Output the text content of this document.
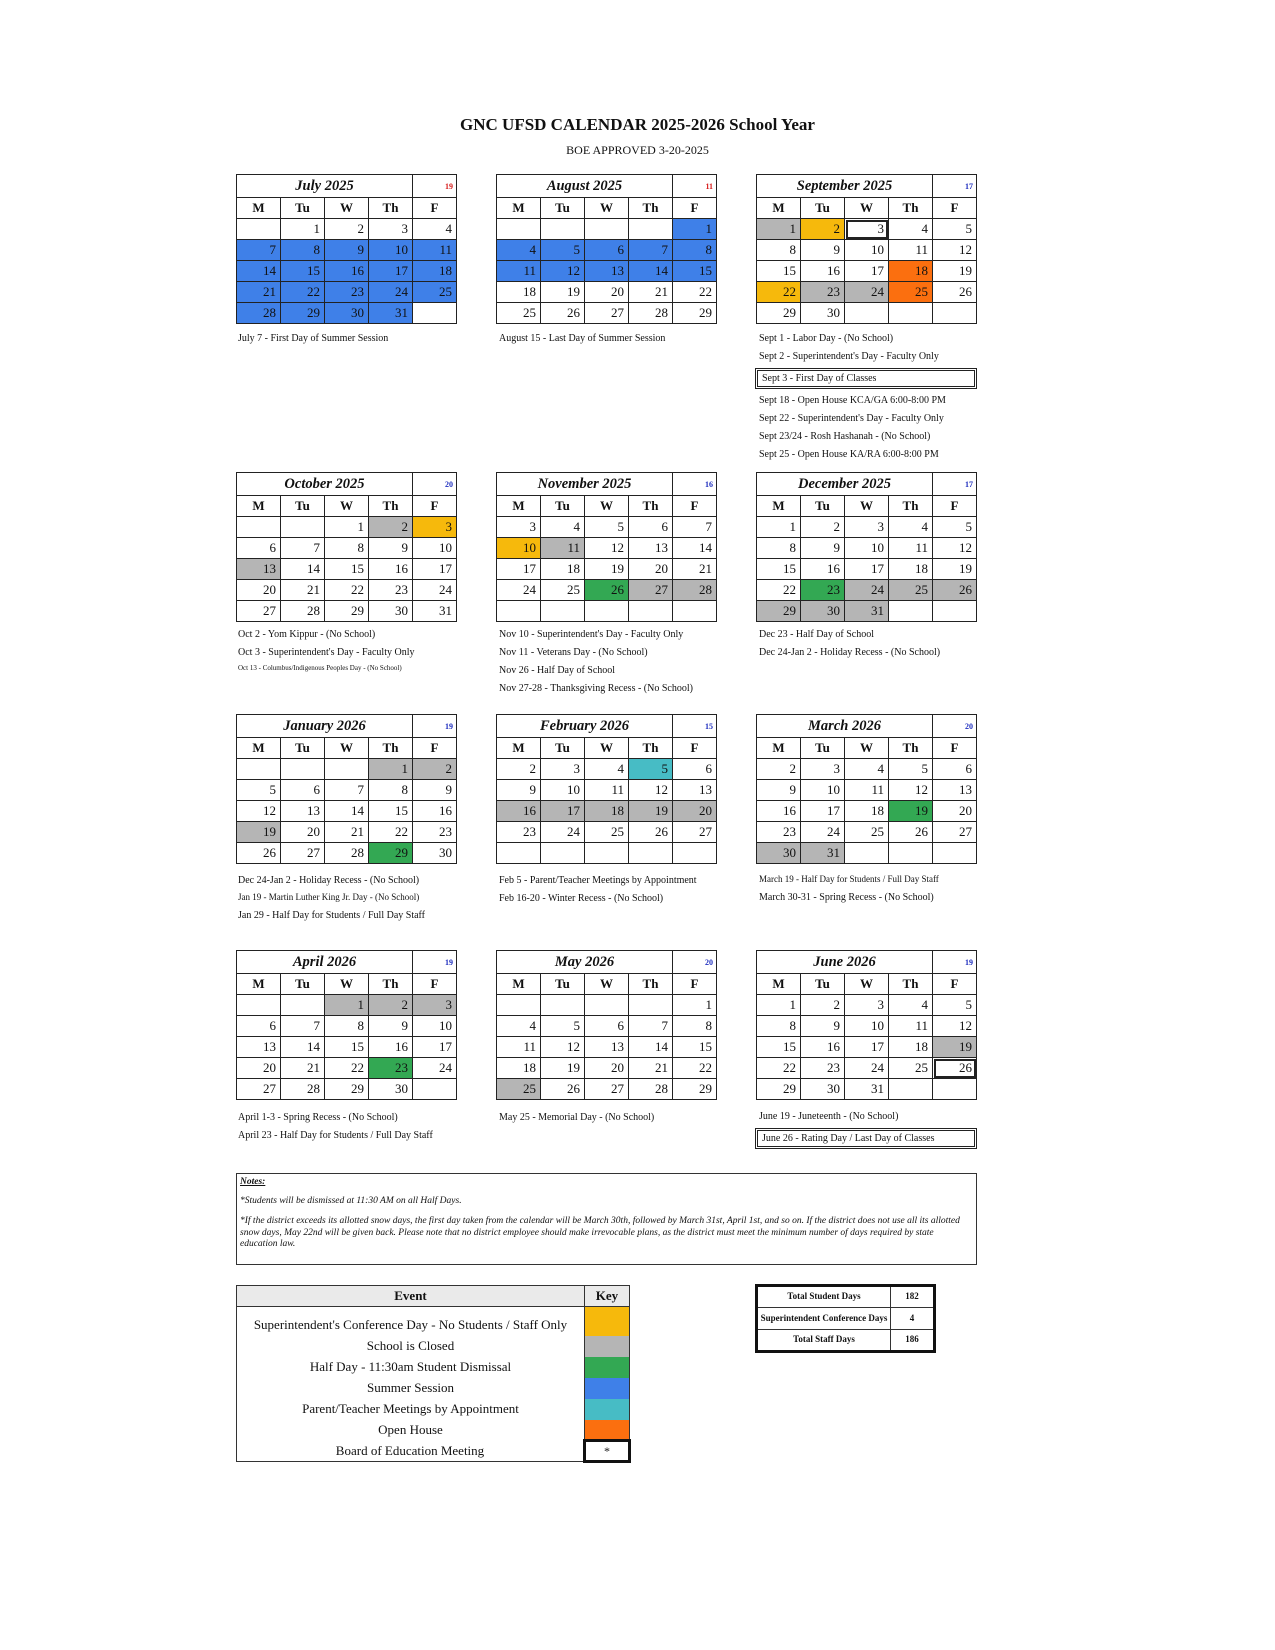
GNC UFSD CALENDAR 2025-2026 School Year
BOE APPROVED 3-20-2025
July 2025				19
M	Tu	W	Th	F
	1	2	3	4
7	8	9	10	11
14	15	16	17	18
21	22	23	24	25
28	29	30	31	
July 7 - First Day of Summer Session
August 2025				11
M	Tu	W	Th	F
				1
4	5	6	7	8
11	12	13	14	15
18	19	20	21	22
25	26	27	28	29
August 15 - Last Day of Summer Session
September 2025				17
M	Tu	W	Th	F
1	2	3	4	5
8	9	10	11	12
15	16	17	18	19
22	23	24	25	26
29	30			
Sept 1 - Labor Day - (No School)
Sept 2 - Superintendent's Day - Faculty Only
Sept 3 - First Day of Classes
Sept 18 - Open House KCA/GA 6:00-8:00 PM
Sept 22 - Superintendent's Day - Faculty Only
Sept 23/24 - Rosh Hashanah - (No School)
Sept 25 - Open House KA/RA 6:00-8:00 PM
October 2025				20
M	Tu	W	Th	F
		1	2	3
6	7	8	9	10
13	14	15	16	17
20	21	22	23	24
27	28	29	30	31
Oct 2 - Yom Kippur - (No School)
Oct 3 - Superintendent's Day - Faculty Only
Oct 13 - Columbus/Indigenous Peoples Day - (No School)
November 2025				16
M	Tu	W	Th	F
3	4	5	6	7
10	11	12	13	14
17	18	19	20	21
24	25	26	27	28

Nov 10 - Superintendent's Day - Faculty Only
Nov 11 - Veterans Day - (No School)
Nov 26 - Half Day of School
Nov 27-28 - Thanksgiving Recess - (No School)
December 2025				17
M	Tu	W	Th	F
1	2	3	4	5
8	9	10	11	12
15	16	17	18	19
22	23	24	25	26
29	30	31		
Dec 23 - Half Day of School
Dec 24-Jan 2 - Holiday Recess - (No School)
January 2026				19
M	Tu	W	Th	F
			1	2
5	6	7	8	9
12	13	14	15	16
19	20	21	22	23
26	27	28	29	30
Dec 24-Jan 2 - Holiday Recess - (No School)
Jan 19 - Martin Luther King Jr. Day - (No School)
Jan 29 - Half Day for Students / Full Day Staff
February 2026				15
M	Tu	W	Th	F
2	3	4	5	6
9	10	11	12	13
16	17	18	19	20
23	24	25	26	27

Feb 5 - Parent/Teacher Meetings by Appointment
Feb 16-20 - Winter Recess - (No School)
March 2026				20
M	Tu	W	Th	F
2	3	4	5	6
9	10	11	12	13
16	17	18	19	20
23	24	25	26	27
30	31			
March 19 - Half Day for Students / Full Day Staff
March 30-31 - Spring Recess - (No School)
April 2026				19
M	Tu	W	Th	F
		1	2	3
6	7	8	9	10
13	14	15	16	17
20	21	22	23	24
27	28	29	30	
April 1-3 - Spring Recess - (No School)
April 23 - Half Day for Students / Full Day Staff
May 2026				20
M	Tu	W	Th	F
				1
4	5	6	7	8
11	12	13	14	15
18	19	20	21	22
25	26	27	28	29
May 25 - Memorial Day - (No School)
June 2026				19
M	Tu	W	Th	F
1	2	3	4	5
8	9	10	11	12
15	16	17	18	19
22	23	24	25	26
29	30	31		
June 19 - Juneteenth - (No School)
June 26 - Rating Day / Last Day of Classes
Notes:

*Students will be dismissed at 11:30 AM on all Half Days.

*If the district exceeds its allotted snow days, the first day taken from the calendar will be March 30th, followed by March 31st, April 1st, and so on. If the district does not use all its allotted snow days, May 22nd will be given back. Please note that no district employee should make irrevocable plans, as the district must meet the minimum number of days required by state education law.

Event	Key
Superintendent's Conference Day - No Students / Staff Only	
School is Closed	
Half Day - 11:30am Student Dismissal	
Summer Session	
Parent/Teacher Meetings by Appointment	
Open House	
Board of Education Meeting	*
Total Student Days	182
Superintendent Conference Days	4
Total Staff Days	186
